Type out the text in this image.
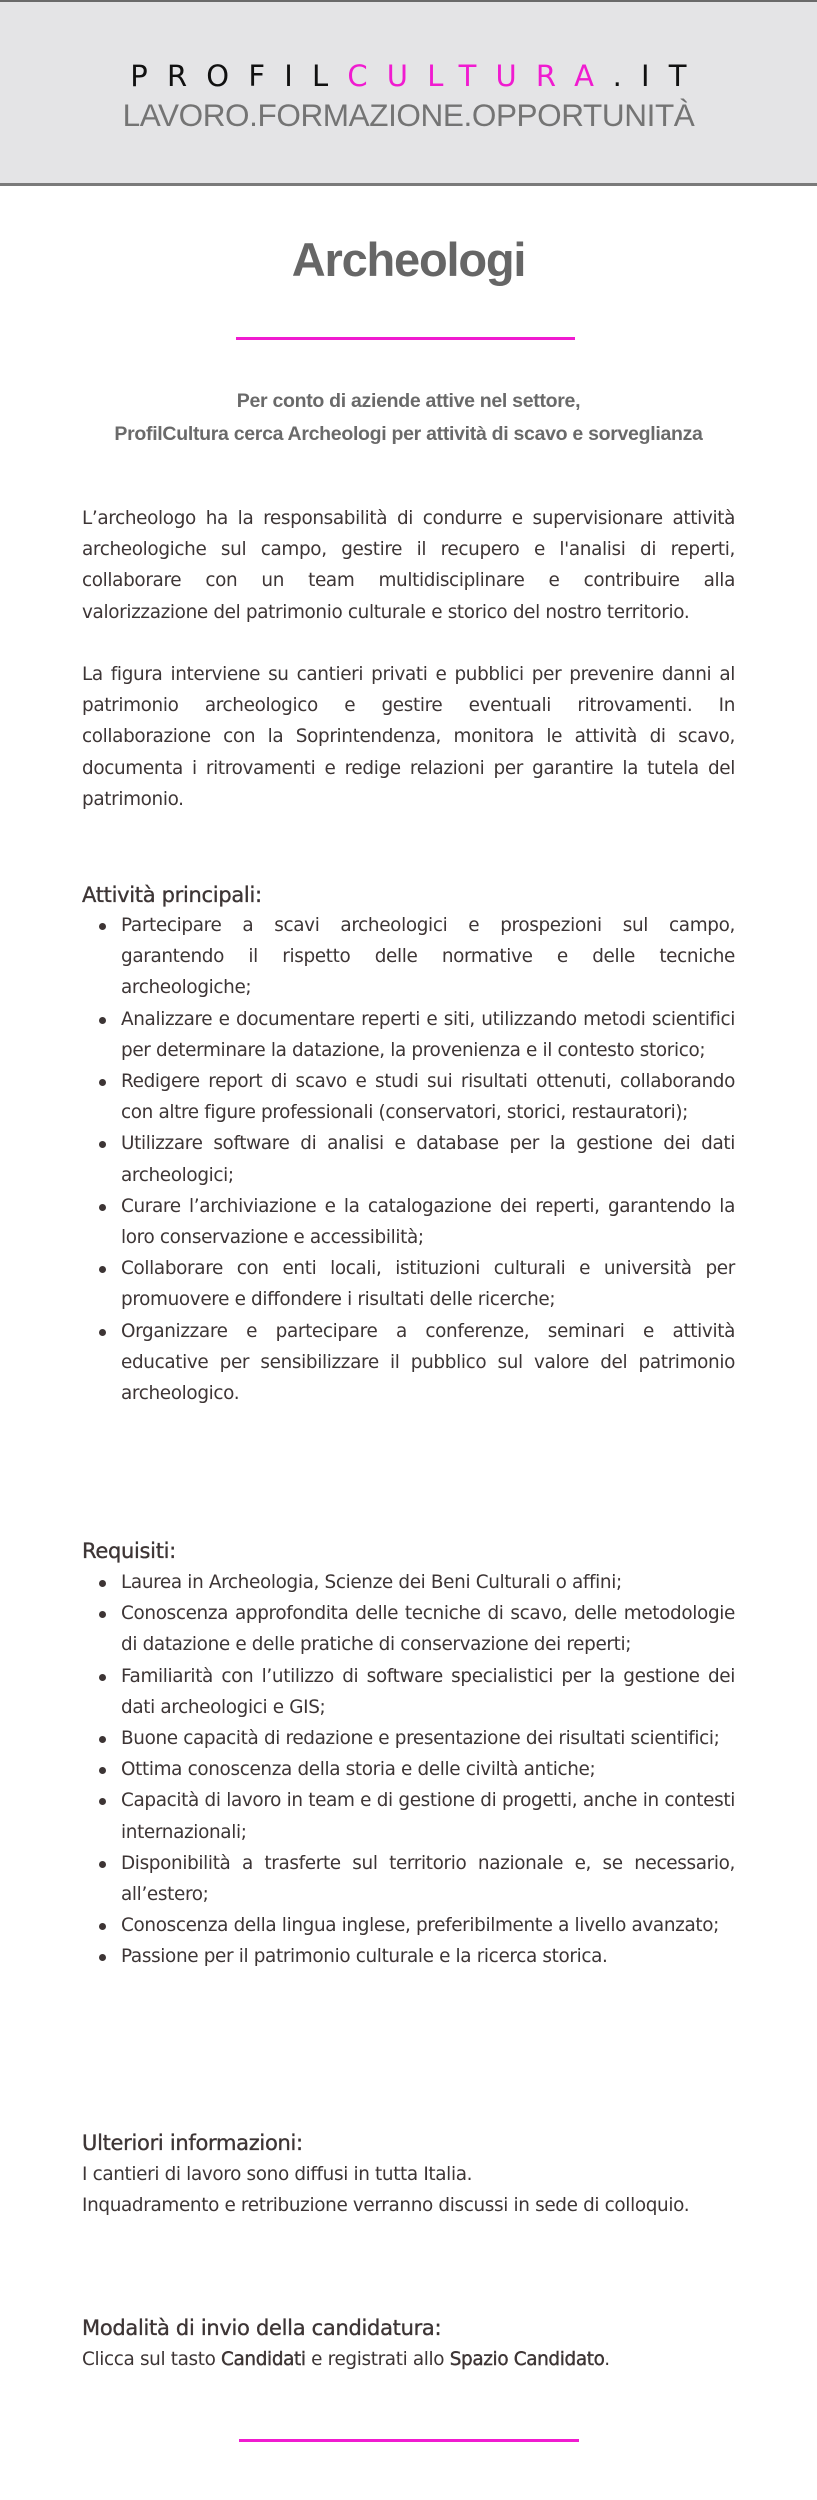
PROFILCULTURA.IT
LAVORO.FORMAZIONE.OPPORTUNITÀ
Archeologi
Per conto di aziende attive nel settore,
ProfilCultura cerca Archeologi per attività di scavo e sorveglianza

L’archeologo ha la responsabilità di condurre e supervisionare attività archeologiche sul campo, gestire il recupero e l'analisi di reperti, collaborare con un team multidisciplinare e contribuire alla valorizzazione del patrimonio culturale e storico del nostro territorio.

La figura interviene su cantieri privati e pubblici per prevenire danni al patrimonio archeologico e gestire eventuali ritrovamenti. In collaborazione con la Soprintendenza, monitora le attività di scavo, documenta i ritrovamenti e redige relazioni per garantire la tutela del patrimonio.

Attività principali:
Partecipare a scavi archeologici e prospezioni sul campo, garantendo il rispetto delle normative e delle tecniche archeologiche;
Analizzare e documentare reperti e siti, utilizzando metodi scientifici per determinare la datazione, la provenienza e il contesto storico;
Redigere report di scavo e studi sui risultati ottenuti, collaborando con altre figure professionali (conservatori, storici, restauratori);
Utilizzare software di analisi e database per la gestione dei dati archeologici;
Curare l’archiviazione e la catalogazione dei reperti, garantendo la loro conservazione e accessibilità;
Collaborare con enti locali, istituzioni culturali e università per promuovere e diffondere i risultati delle ricerche;
Organizzare e partecipare a conferenze, seminari e attività educative per sensibilizzare il pubblico sul valore del patrimonio archeologico.
Requisiti:
Laurea in Archeologia, Scienze dei Beni Culturali o affini;
Conoscenza approfondita delle tecniche di scavo, delle metodologie di datazione e delle pratiche di conservazione dei reperti;
Familiarità con l’utilizzo di software specialistici per la gestione dei dati archeologici e GIS;
Buone capacità di redazione e presentazione dei risultati scientifici;
Ottima conoscenza della storia e delle civiltà antiche;
Capacità di lavoro in team e di gestione di progetti, anche in contesti internazionali;
Disponibilità a trasferte sul territorio nazionale e, se necessario, all’estero;
Conoscenza della lingua inglese, preferibilmente a livello avanzato;
Passione per il patrimonio culturale e la ricerca storica.
Ulteriori informazioni:

I cantieri di lavoro sono diffusi in tutta Italia.

Inquadramento e retribuzione verranno discussi in sede di colloquio.

Modalità di invio della candidatura:

Clicca sul tasto Candidati e registrati allo Spazio Candidato.
